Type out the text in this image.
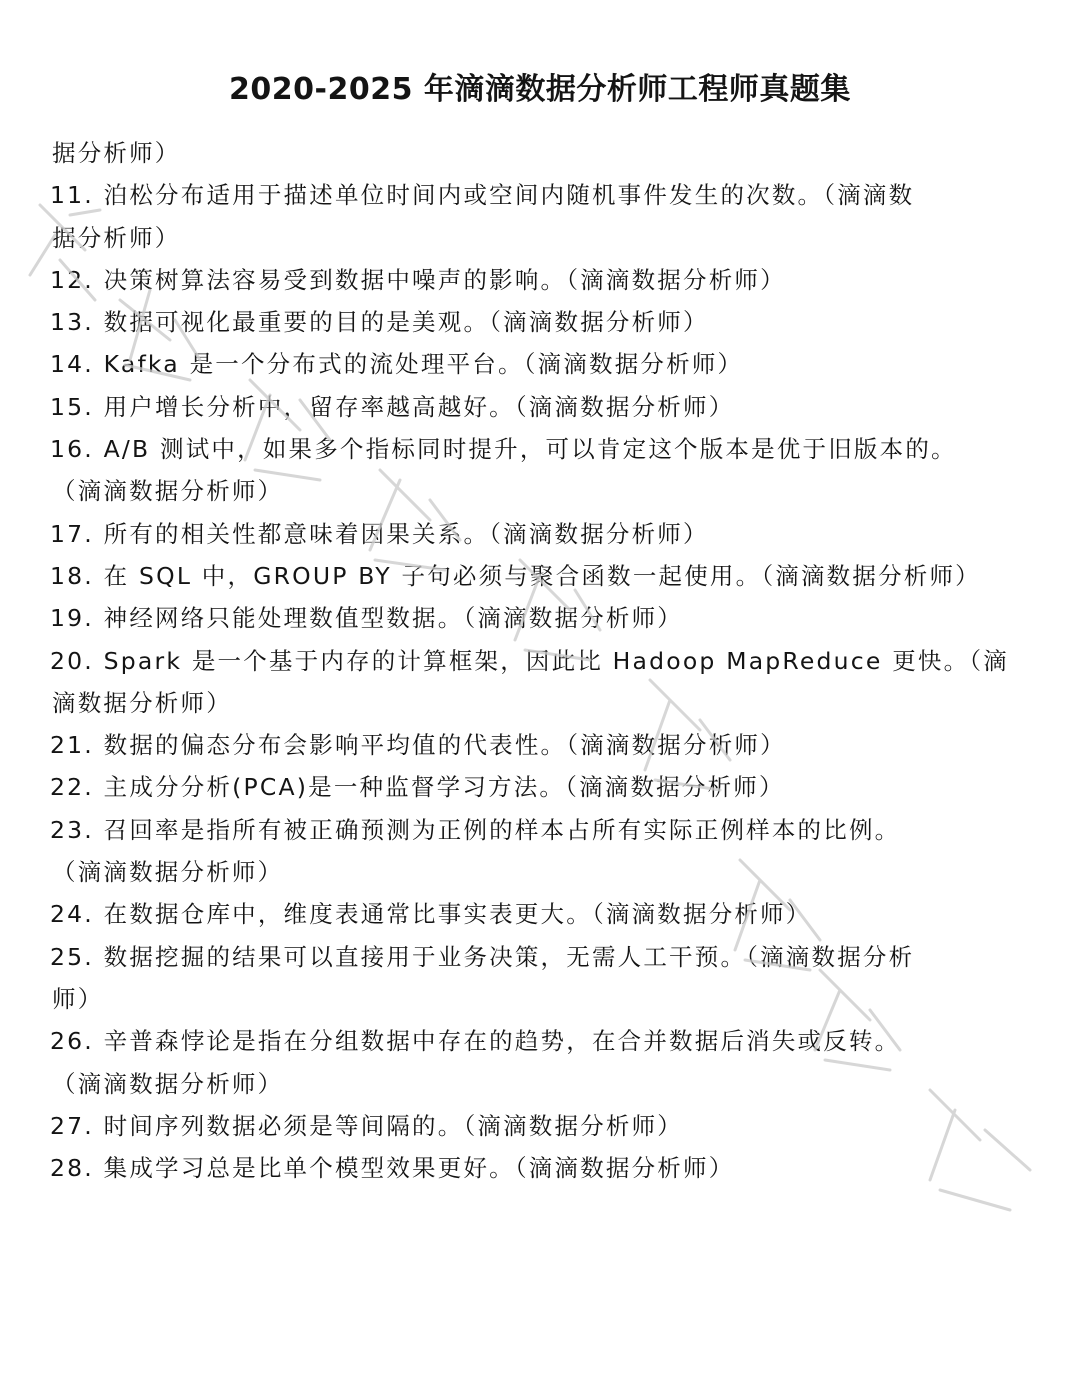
2020-2025 年滴滴数据分析师工程师真题集
据分析师）
11. 泊松分布适用于描述单位时间内或空间内随机事件发生的次数。（滴滴数
据分析师）
12. 决策树算法容易受到数据中噪声的影响。（滴滴数据分析师）
13. 数据可视化最重要的目的是美观。（滴滴数据分析师）
14. Kafka 是一个分布式的流处理平台。（滴滴数据分析师）
15. 用户增长分析中，留存率越高越好。（滴滴数据分析师）
16. A/B 测试中，如果多个指标同时提升，可以肯定这个版本是优于旧版本的。
（滴滴数据分析师）
17. 所有的相关性都意味着因果关系。（滴滴数据分析师）
18. 在 SQL 中，GROUP BY 子句必须与聚合函数一起使用。（滴滴数据分析师）
19. 神经网络只能处理数值型数据。（滴滴数据分析师）
20. Spark 是一个基于内存的计算框架，因此比 Hadoop MapReduce 更快。（滴
滴数据分析师）
21. 数据的偏态分布会影响平均值的代表性。（滴滴数据分析师）
22. 主成分分析(PCA)是一种监督学习方法。（滴滴数据分析师）
23. 召回率是指所有被正确预测为正例的样本占所有实际正例样本的比例。
（滴滴数据分析师）
24. 在数据仓库中，维度表通常比事实表更大。（滴滴数据分析师）
25. 数据挖掘的结果可以直接用于业务决策，无需人工干预。（滴滴数据分析
师）
26. 辛普森悖论是指在分组数据中存在的趋势，在合并数据后消失或反转。
（滴滴数据分析师）
27. 时间序列数据必须是等间隔的。（滴滴数据分析师）
28. 集成学习总是比单个模型效果更好。（滴滴数据分析师）
